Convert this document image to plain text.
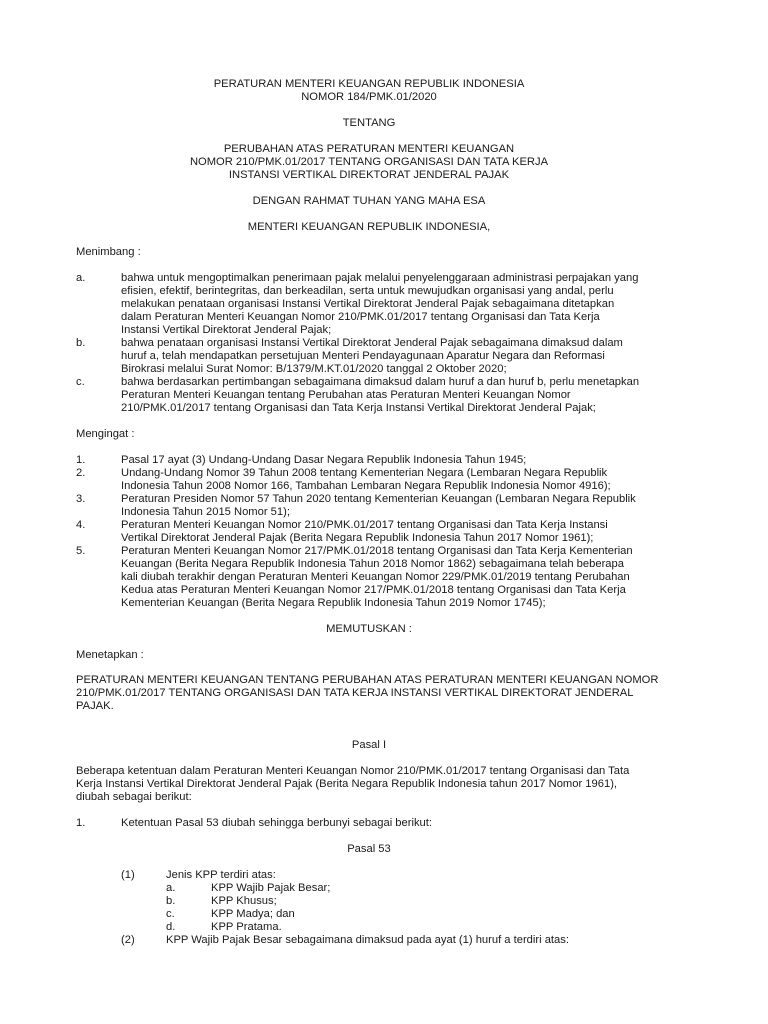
PERATURAN MENTERI KEUANGAN REPUBLIK INDONESIA
NOMOR 184/PMK.01/2020
TENTANG
PERUBAHAN ATAS PERATURAN MENTERI KEUANGAN
NOMOR 210/PMK.01/2017 TENTANG ORGANISASI DAN TATA KERJA
INSTANSI VERTIKAL DIREKTORAT JENDERAL PAJAK
DENGAN RAHMAT TUHAN YANG MAHA ESA
MENTERI KEUANGAN REPUBLIK INDONESIA,
Menimbang :
a.	bahwa untuk mengoptimalkan penerimaan pajak melalui penyelenggaraan administrasi perpajakan yang
efisien, efektif, berintegritas, dan berkeadilan, serta untuk mewujudkan organisasi yang andal, perlu
melakukan penataan organisasi Instansi Vertikal Direktorat Jenderal Pajak sebagaimana ditetapkan
dalam Peraturan Menteri Keuangan Nomor 210/PMK.01/2017 tentang Organisasi dan Tata Kerja
Instansi Vertikal Direktorat Jenderal Pajak;
b.	bahwa penataan organisasi Instansi Vertikal Direktorat Jenderal Pajak sebagaimana dimaksud dalam
huruf a, telah mendapatkan persetujuan Menteri Pendayagunaan Aparatur Negara dan Reformasi
Birokrasi melalui Surat Nomor: B/1379/M.KT.01/2020 tanggal 2 Oktober 2020;
c.	bahwa berdasarkan pertimbangan sebagaimana dimaksud dalam huruf a dan huruf b, perlu menetapkan
Peraturan Menteri Keuangan tentang Perubahan atas Peraturan Menteri Keuangan Nomor
210/PMK.01/2017 tentang Organisasi dan Tata Kerja Instansi Vertikal Direktorat Jenderal Pajak;
Mengingat :
1.	Pasal 17 ayat (3) Undang-Undang Dasar Negara Republik Indonesia Tahun 1945;
2.	Undang-Undang Nomor 39 Tahun 2008 tentang Kementerian Negara (Lembaran Negara Republik
Indonesia Tahun 2008 Nomor 166, Tambahan Lembaran Negara Republik Indonesia Nomor 4916);
3.	Peraturan Presiden Nomor 57 Tahun 2020 tentang Kementerian Keuangan (Lembaran Negara Republik
Indonesia Tahun 2015 Nomor 51);
4.	Peraturan Menteri Keuangan Nomor 210/PMK.01/2017 tentang Organisasi dan Tata Kerja Instansi
Vertikal Direktorat Jenderal Pajak (Berita Negara Republik Indonesia Tahun 2017 Nomor 1961);
5.	Peraturan Menteri Keuangan Nomor 217/PMK.01/2018 tentang Organisasi dan Tata Kerja Kementerian
Keuangan (Berita Negara Republik Indonesia Tahun 2018 Nomor 1862) sebagaimana telah beberapa
kali diubah terakhir dengan Peraturan Menteri Keuangan Nomor 229/PMK.01/2019 tentang Perubahan
Kedua atas Peraturan Menteri Keuangan Nomor 217/PMK.01/2018 tentang Organisasi dan Tata Kerja
Kementerian Keuangan (Berita Negara Republik Indonesia Tahun 2019 Nomor 1745);
MEMUTUSKAN :
Menetapkan :
PERATURAN MENTERI KEUANGAN TENTANG PERUBAHAN ATAS PERATURAN MENTERI KEUANGAN NOMOR
210/PMK.01/2017 TENTANG ORGANISASI DAN TATA KERJA INSTANSI VERTIKAL DIREKTORAT JENDERAL
PAJAK.
Pasal I
Beberapa ketentuan dalam Peraturan Menteri Keuangan Nomor 210/PMK.01/2017 tentang Organisasi dan Tata
Kerja Instansi Vertikal Direktorat Jenderal Pajak (Berita Negara Republik Indonesia tahun 2017 Nomor 1961),
diubah sebagai berikut:
1.	Ketentuan Pasal 53 diubah sehingga berbunyi sebagai berikut:
Pasal 53
(1)	Jenis KPP terdiri atas:
a.	KPP Wajib Pajak Besar;
b.	KPP Khusus;
c.	KPP Madya; dan
d.	KPP Pratama.
(2)	KPP Wajib Pajak Besar sebagaimana dimaksud pada ayat (1) huruf a terdiri atas:
